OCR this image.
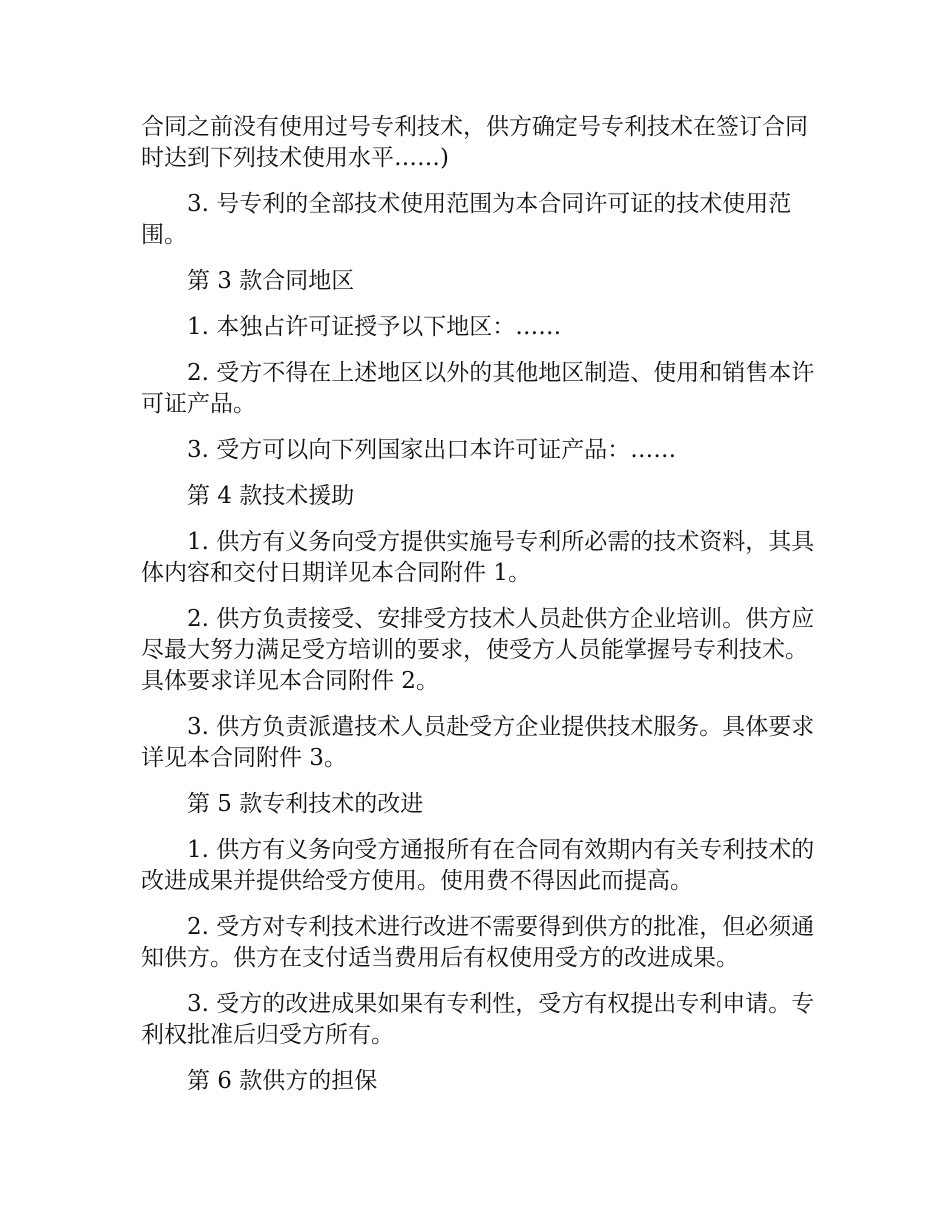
合同之前没有使用过号专利技术，供方确定号专利技术在签订合同时达到下列技术使用水平……)

3. 号专利的全部技术使用范围为本合同许可证的技术使用范围。

第 3 款合同地区

1. 本独占许可证授予以下地区：……

2. 受方不得在上述地区以外的其他地区制造、使用和销售本许可证产品。

3. 受方可以向下列国家出口本许可证产品：……

第 4 款技术援助

1. 供方有义务向受方提供实施号专利所必需的技术资料，其具体内容和交付日期详见本合同附件 1。

2. 供方负责接受、安排受方技术人员赴供方企业培训。供方应尽最大努力满足受方培训的要求，使受方人员能掌握号专利技术。具体要求详见本合同附件 2。

3. 供方负责派遣技术人员赴受方企业提供技术服务。具体要求详见本合同附件 3。

第 5 款专利技术的改进

1. 供方有义务向受方通报所有在合同有效期内有关专利技术的改进成果并提供给受方使用。使用费不得因此而提高。

2. 受方对专利技术进行改进不需要得到供方的批准，但必须通知供方。供方在支付适当费用后有权使用受方的改进成果。

3. 受方的改进成果如果有专利性，受方有权提出专利申请。专利权批准后归受方所有。

第 6 款供方的担保
